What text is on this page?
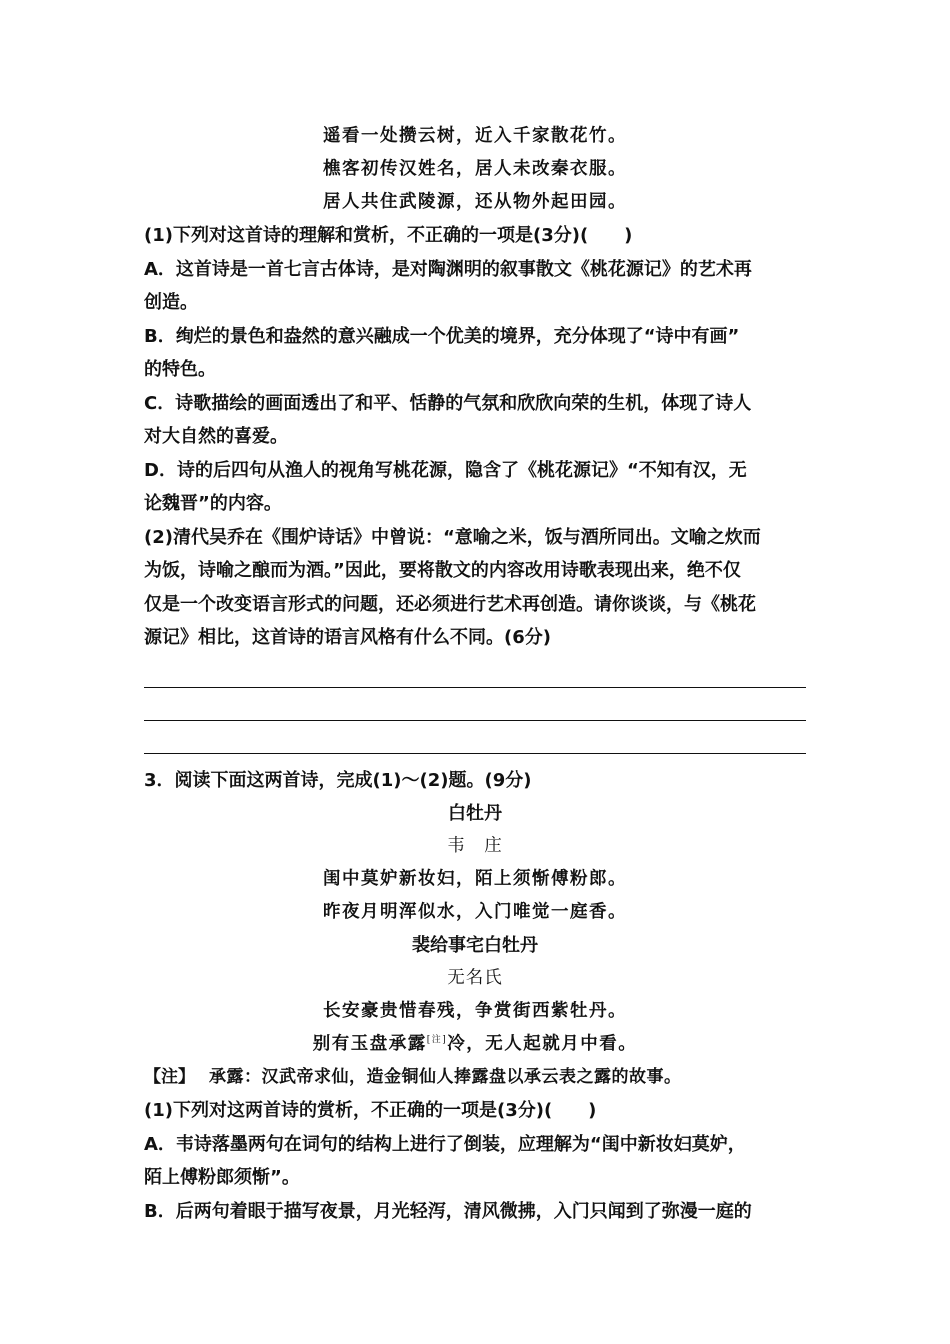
遥看一处攒云树，近入千家散花竹。
樵客初传汉姓名，居人未改秦衣服。
居人共住武陵源，还从物外起田园。
(1)下列对这首诗的理解和赏析，不正确的一项是(3分)(　　)
A．这首诗是一首七言古体诗，是对陶渊明的叙事散文《桃花源记》的艺术再
创造。
B．绚烂的景色和盎然的意兴融成一个优美的境界，充分体现了“诗中有画”
的特色。
C．诗歌描绘的画面透出了和平、恬静的气氛和欣欣向荣的生机，体现了诗人
对大自然的喜爱。
D．诗的后四句从渔人的视角写桃花源，隐含了《桃花源记》“不知有汉，无
论魏晋”的内容。
(2)清代吴乔在《围炉诗话》中曾说：“意喻之米，饭与酒所同出。文喻之炊而
为饭，诗喻之酿而为酒。”因此，要将散文的内容改用诗歌表现出来，绝不仅
仅是一个改变语言形式的问题，还必须进行艺术再创造。请你谈谈，与《桃花
源记》相比，这首诗的语言风格有什么不同。(6分)
3．阅读下面这两首诗，完成(1)～(2)题。(9分)
白牡丹
韦　庄
闺中莫妒新妆妇，陌上须惭傅粉郎。
昨夜月明浑似水，入门唯觉一庭香。
裴给事宅白牡丹
无名氏
长安豪贵惜春残，争赏街西紫牡丹。
别有玉盘承露[注]冷，无人起就月中看。
【注】 承露：汉武帝求仙，造金铜仙人捧露盘以承云表之露的故事。
(1)下列对这两首诗的赏析，不正确的一项是(3分)(　　)
A．韦诗落墨两句在词句的结构上进行了倒装，应理解为“闺中新妆妇莫妒，
陌上傅粉郎须惭”。
B．后两句着眼于描写夜景，月光轻泻，清风微拂，入门只闻到了弥漫一庭的
